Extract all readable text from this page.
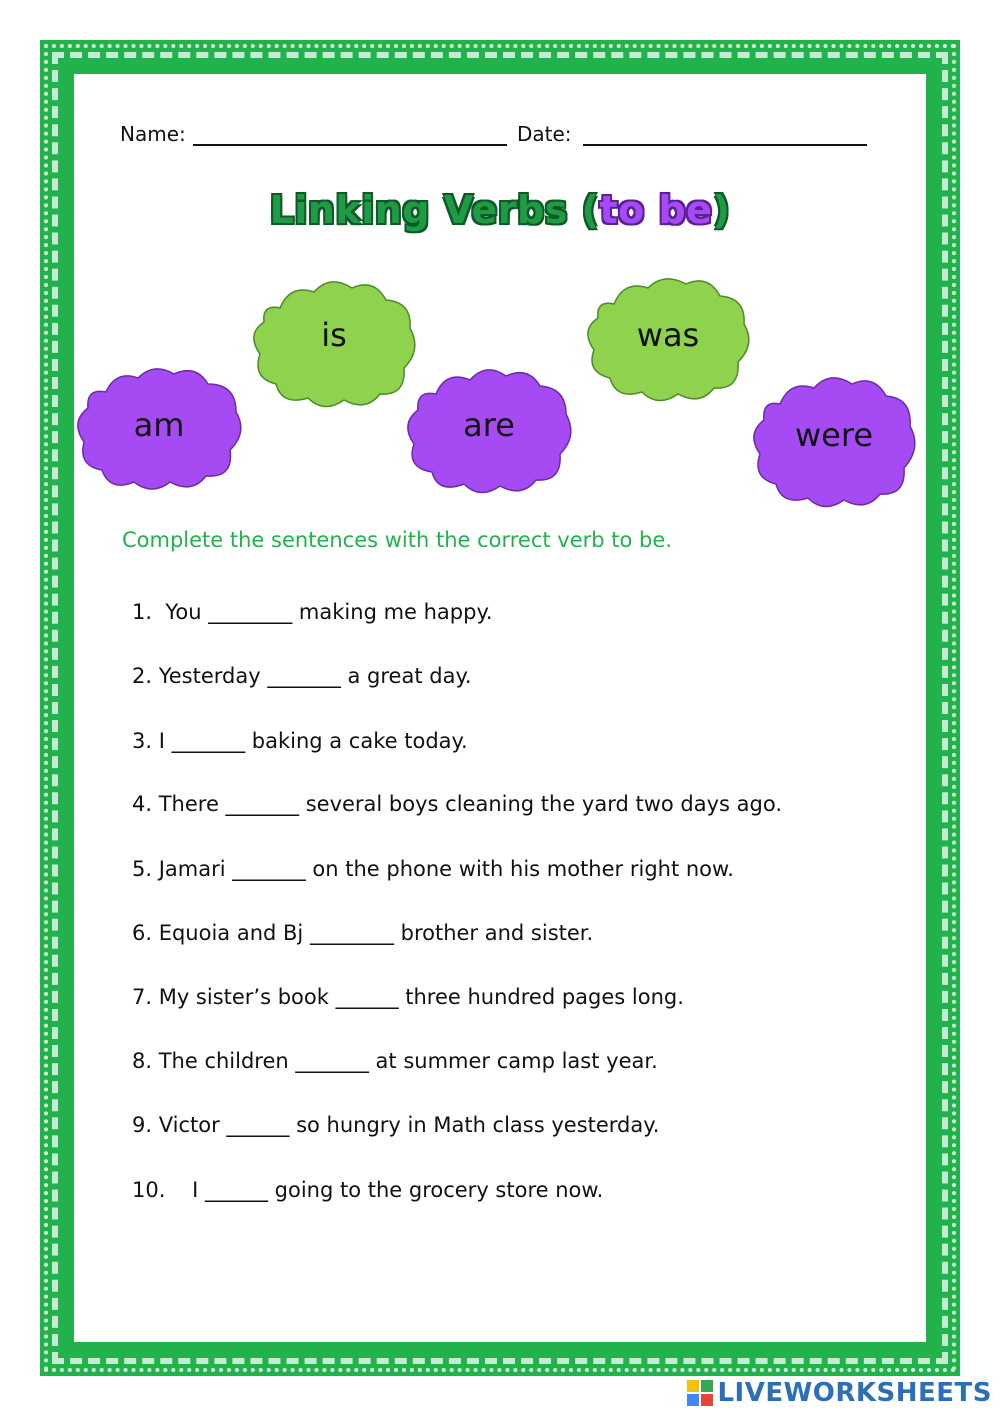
Name:	Date:
Linking Verbs (to be)
am
is
are
was
were
Complete the sentences with the correct verb to be.
1.  You ________ making me happy.
2. Yesterday _______ a great day.
3. I _______ baking a cake today.
4. There _______ several boys cleaning the yard two days ago.
5. Jamari _______ on the phone with his mother right now.
6. Equoia and Bj ________ brother and sister.
7. My sister’s book ______ three hundred pages long.
8. The children _______ at summer camp last year.
9. Victor ______ so hungry in Math class yesterday.
10.    I ______ going to the grocery store now.
LIVEWORKSHEETS
